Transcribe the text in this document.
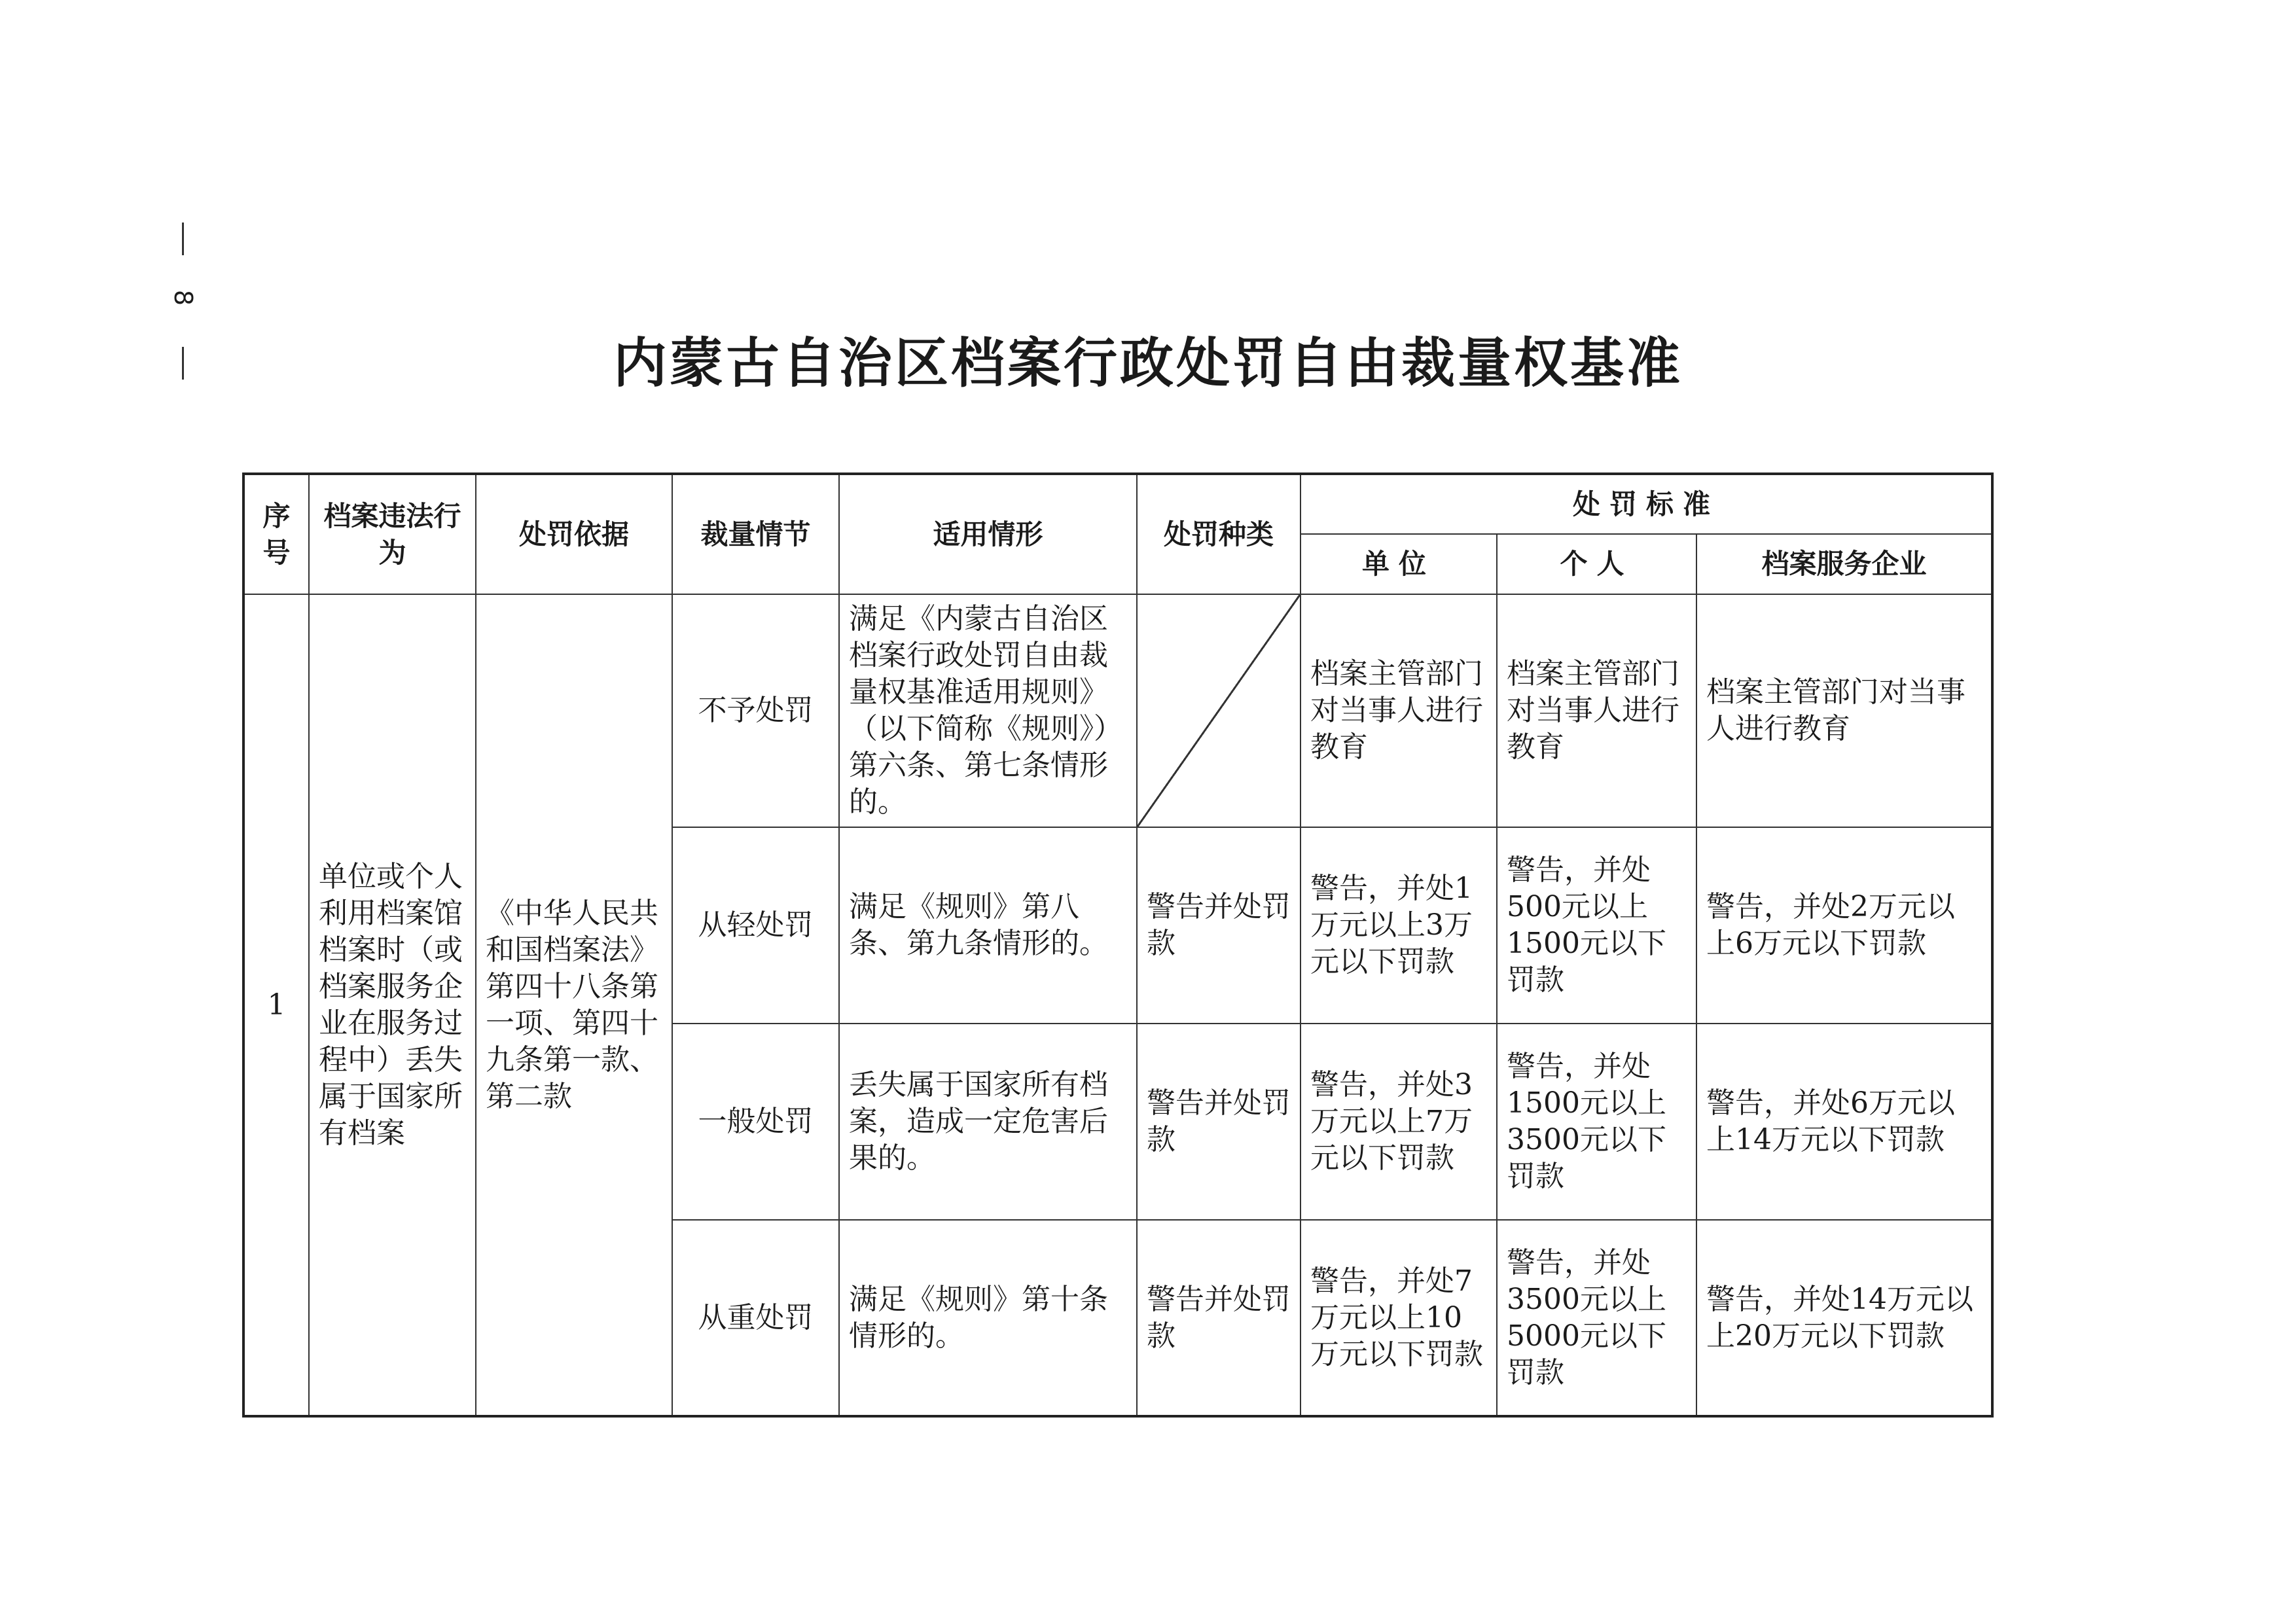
8
内蒙古自治区档案行政处罚自由裁量权基准
序号	档案违法行为	处罚依据	裁量情节	适用情形	处罚种类	处罚标准		
						单位	个人	档案服务企业
1	单位或个人利用档案馆档案时（或档案服务企业在服务过程中）丢失属于国家所有档案	《中华人民共和国档案法》第四十八条第一项、第四十九条第一款、第二款	不予处罚	满足《内蒙古自治区档案行政处罚自由裁量权基准适用规则》（以下简称《规则》）第六条、第七条情形的。		档案主管部门对当事人进行教育	档案主管部门对当事人进行教育	档案主管部门对当事人进行教育
			从轻处罚	满足《规则》第八条、第九条情形的。	警告并处罚款	警告，并处1万元以上3万元以下罚款	警告，并处500元以上1500元以下罚款	警告，并处2万元以上6万元以下罚款
			一般处罚	丢失属于国家所有档案，造成一定危害后果的。	警告并处罚款	警告，并处3万元以上7万元以下罚款	警告，并处1500元以上3500元以下罚款	警告，并处6万元以上14万元以下罚款
			从重处罚	满足《规则》第十条情形的。	警告并处罚款	警告，并处7万元以上10万元以下罚款	警告，并处3500元以上5000元以下罚款	警告，并处14万元以上20万元以下罚款
